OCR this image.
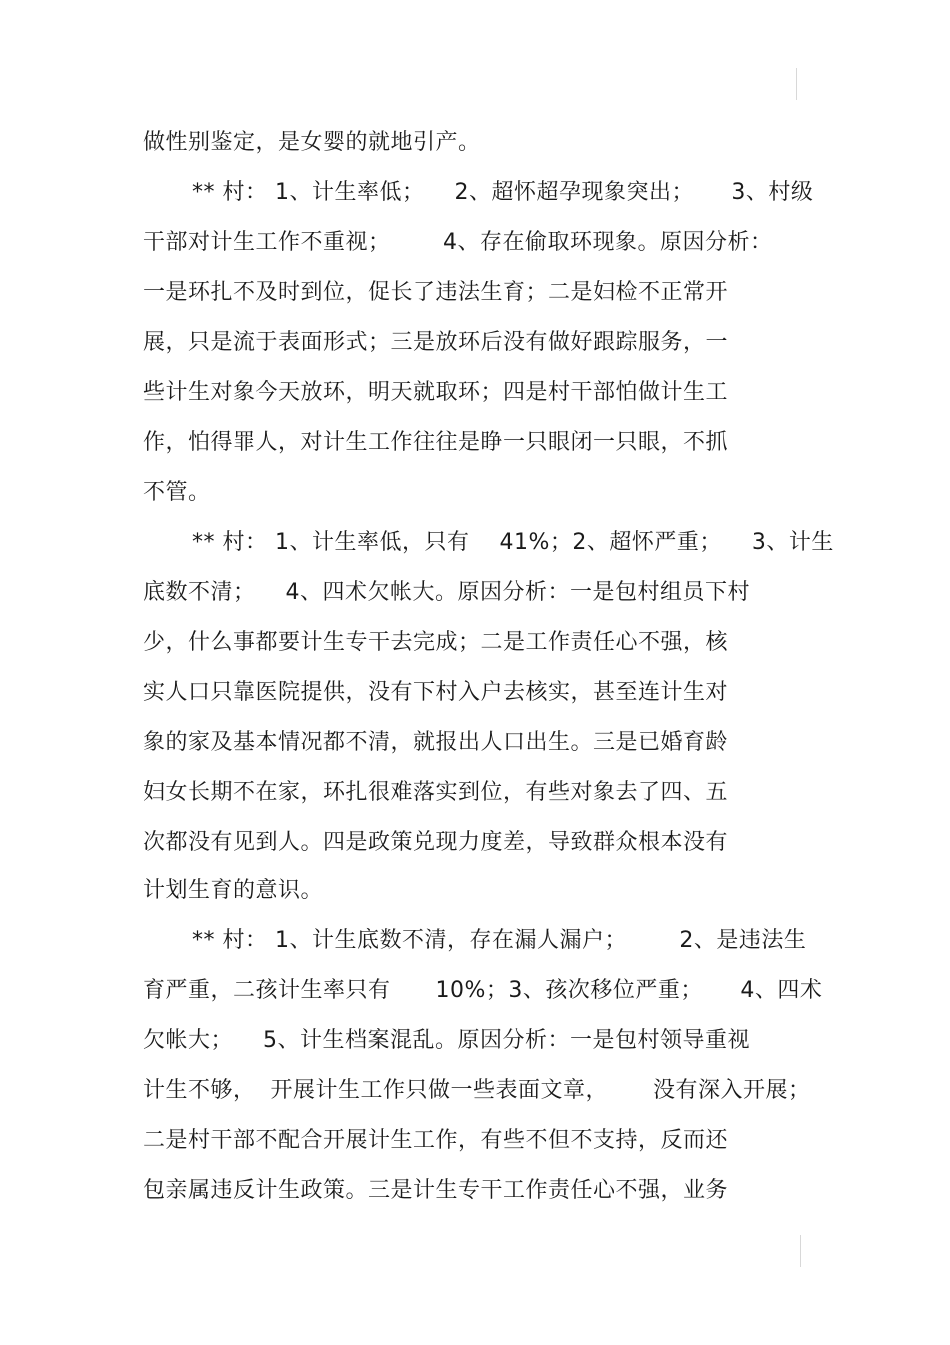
做性别鉴定，是女婴的就地引产。
** 村： 1、计生率低；    2、超怀超孕现象突出；     3、村级
干部对计生工作不重视；       4、存在偷取环现象。原因分析：
一是环扎不及时到位，促长了违法生育；二是妇检不正常开
展，只是流于表面形式；三是放环后没有做好跟踪服务，一
些计生对象今天放环，明天就取环；四是村干部怕做计生工
作，怕得罪人，对计生工作往往是睁一只眼闭一只眼，不抓
不管。
** 村： 1、计生率低，只有    41%；2、超怀严重；    3、计生
底数不清；    4、四术欠帐大。原因分析：一是包村组员下村
少，什么事都要计生专干去完成；二是工作责任心不强，核
实人口只靠医院提供，没有下村入户去核实，甚至连计生对
象的家及基本情况都不清，就报出人口出生。三是已婚育龄
妇女长期不在家，环扎很难落实到位，有些对象去了四、五
次都没有见到人。四是政策兑现力度差，导致群众根本没有
计划生育的意识。
** 村： 1、计生底数不清，存在漏人漏户；       2、是违法生
育严重，二孩计生率只有      10%；3、孩次移位严重；     4、四术
欠帐大；    5、计生档案混乱。原因分析：一是包村领导重视
计生不够，  开展计生工作只做一些表面文章，      没有深入开展；
二是村干部不配合开展计生工作，有些不但不支持，反而还
包亲属违反计生政策。三是计生专干工作责任心不强，业务
